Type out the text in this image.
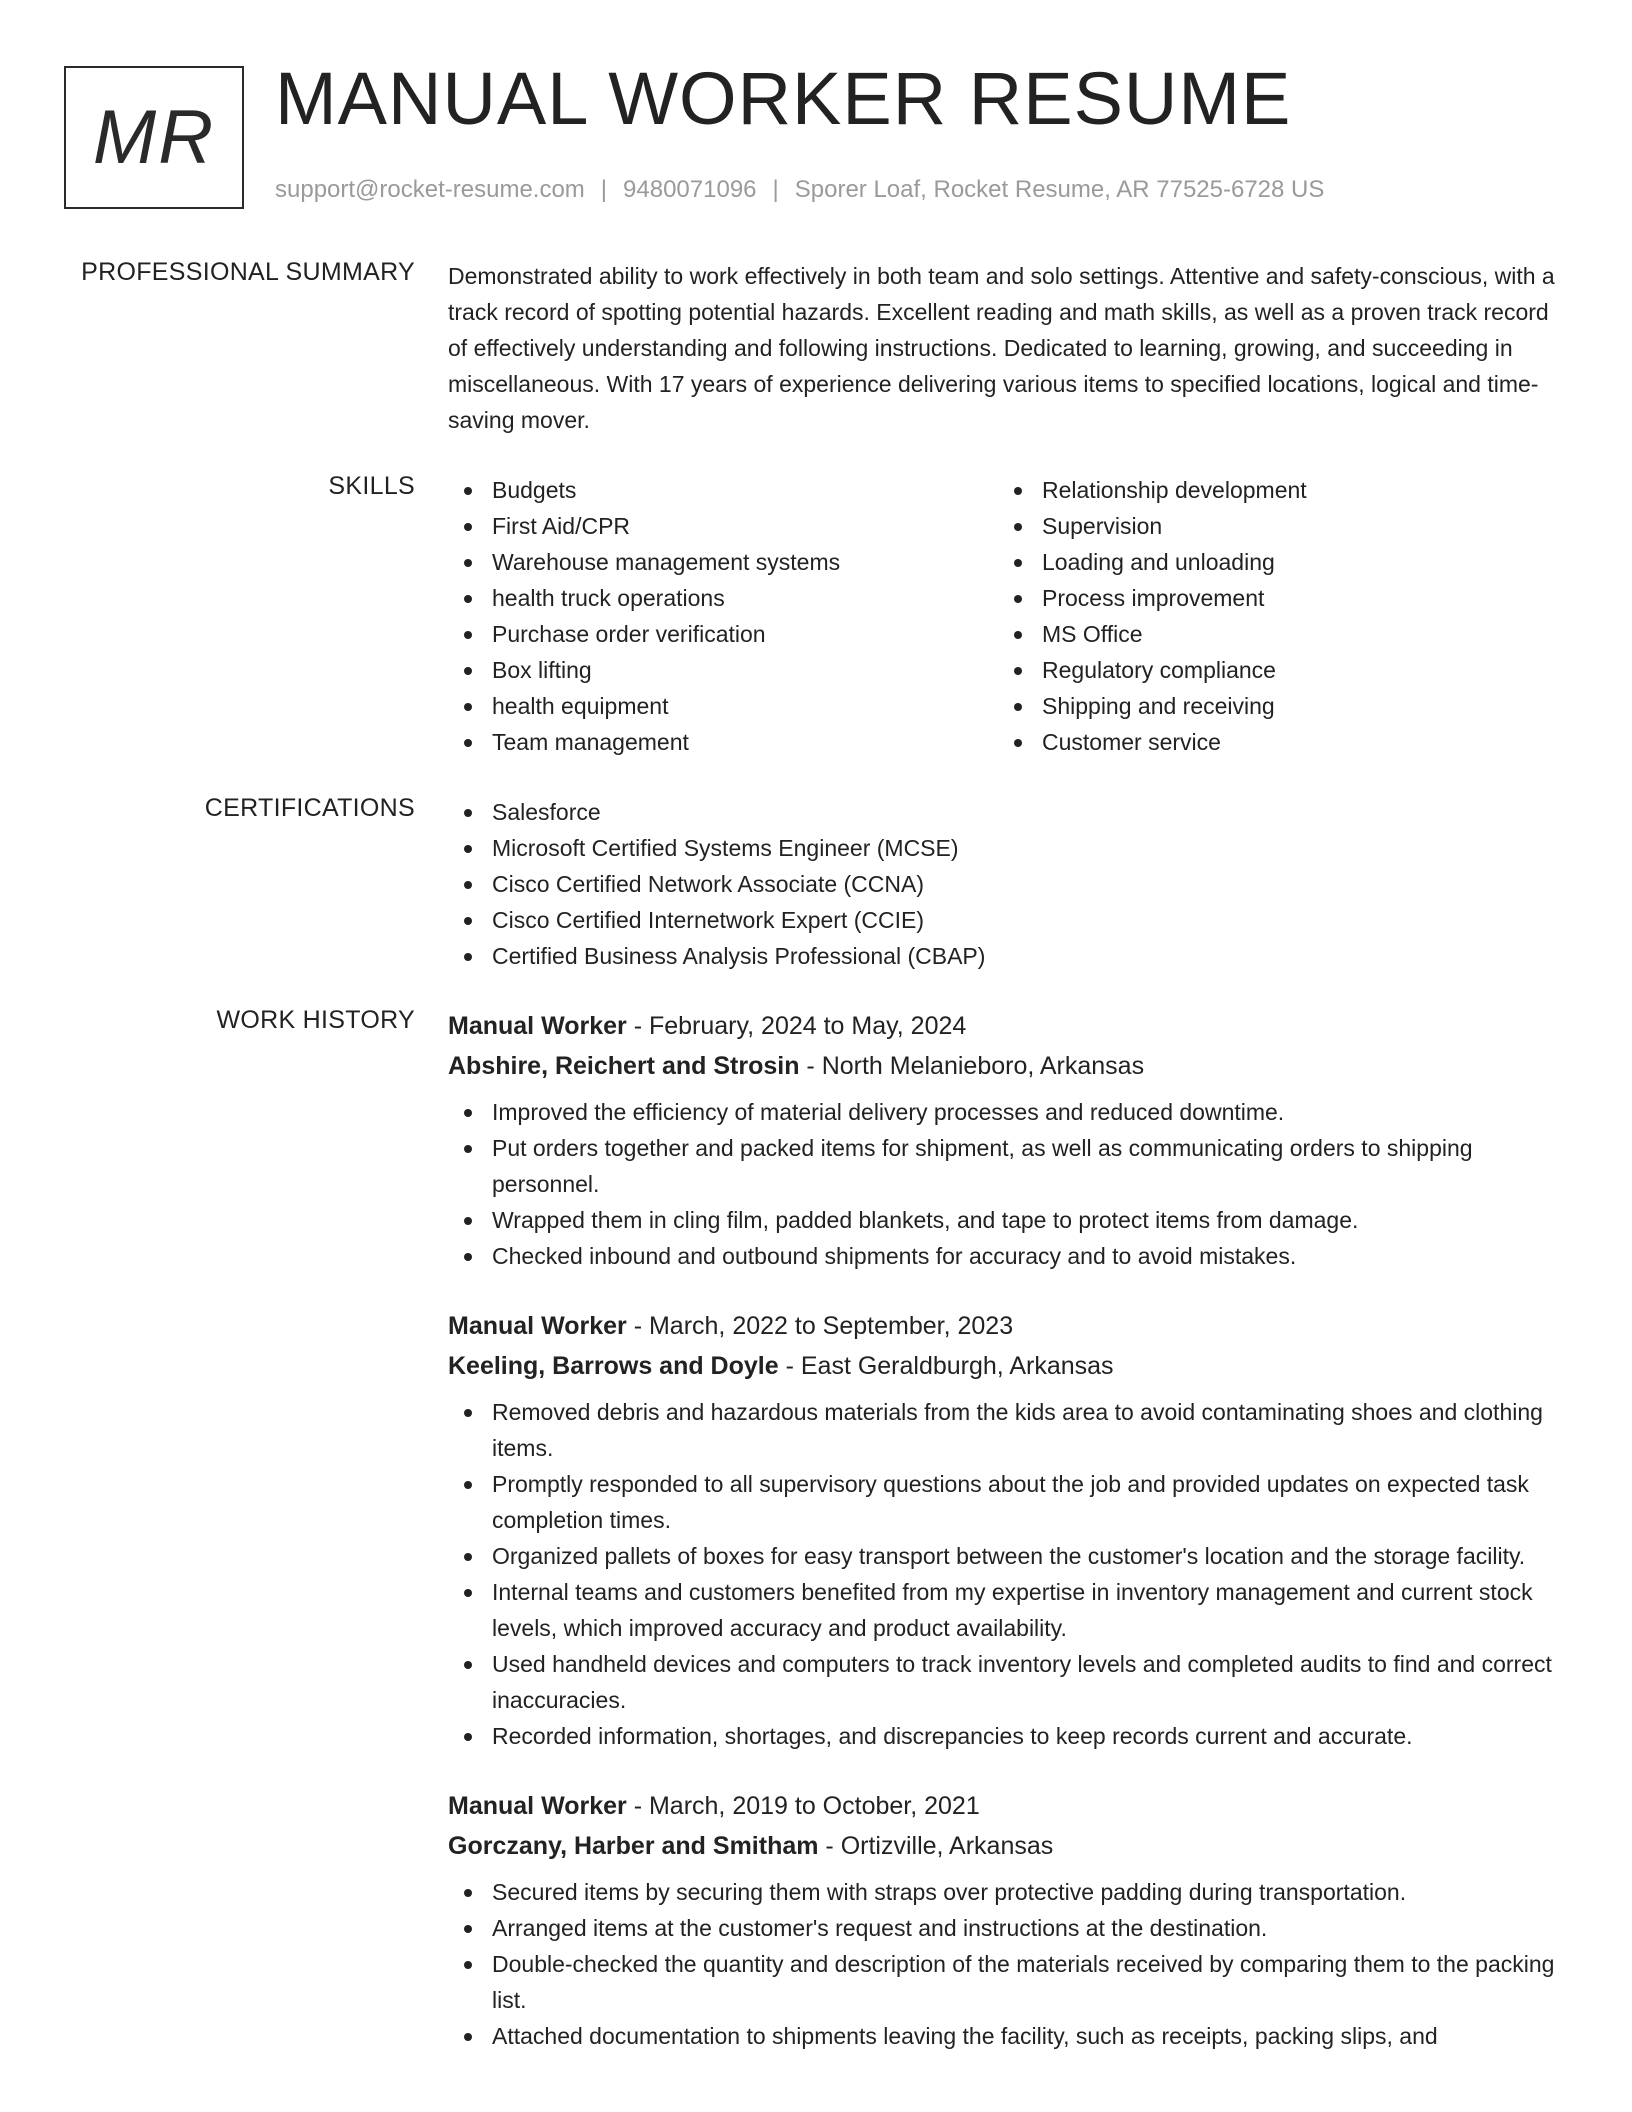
MR MANUAL WORKER RESUME
support@rocket-resume.com | 9480071096 | Sporer Loaf, Rocket Resume, AR 77525-6728 US
PROFESSIONAL SUMMARY Demonstrated ability to work effectively in both team and solo settings. Attentive and safety-conscious, with a track record of spotting potential hazards. Excellent reading and math skills, as well as a proven track record of effectively understanding and following instructions. Dedicated to learning, growing, and succeeding in miscellaneous. With 17 years of experience delivering various items to specified locations, logical and time-saving mover.
SKILLS	Budgets	Relationship development
First Aid/CPR	Supervision
Warehouse management systems	Loading and unloading
health truck operations	Process improvement
Purchase order verification	MS Office
Box lifting	Regulatory compliance
health equipment	Shipping and receiving
Team management	Customer service
CERTIFICATIONS	Salesforce
Microsoft Certified Systems Engineer (MCSE)
Cisco Certified Network Associate (CCNA)
Cisco Certified Internetwork Expert (CCIE)
Certified Business Analysis Professional (CBAP)
WORK HISTORY Manual Worker - February, 2024 to May, 2024
Abshire, Reichert and Strosin - North Melanieboro, Arkansas
Improved the efficiency of material delivery processes and reduced downtime.
Put orders together and packed items for shipment, as well as communicating orders to shipping personnel.
Wrapped them in cling film, padded blankets, and tape to protect items from damage.
Checked inbound and outbound shipments for accuracy and to avoid mistakes.
Manual Worker - March, 2022 to September, 2023
Keeling, Barrows and Doyle - East Geraldburgh, Arkansas
Removed debris and hazardous materials from the kids area to avoid contaminating shoes and clothing items.
Promptly responded to all supervisory questions about the job and provided updates on expected task completion times.
Organized pallets of boxes for easy transport between the customer's location and the storage facility.
Internal teams and customers benefited from my expertise in inventory management and current stock levels, which improved accuracy and product availability.
Used handheld devices and computers to track inventory levels and completed audits to find and correct inaccuracies.
Recorded information, shortages, and discrepancies to keep records current and accurate.
Manual Worker - March, 2019 to October, 2021
Gorczany, Harber and Smitham - Ortizville, Arkansas
Secured items by securing them with straps over protective padding during transportation.
Arranged items at the customer's request and instructions at the destination.
Double-checked the quantity and description of the materials received by comparing them to the packing list.
Attached documentation to shipments leaving the facility, such as receipts, packing slips, and
